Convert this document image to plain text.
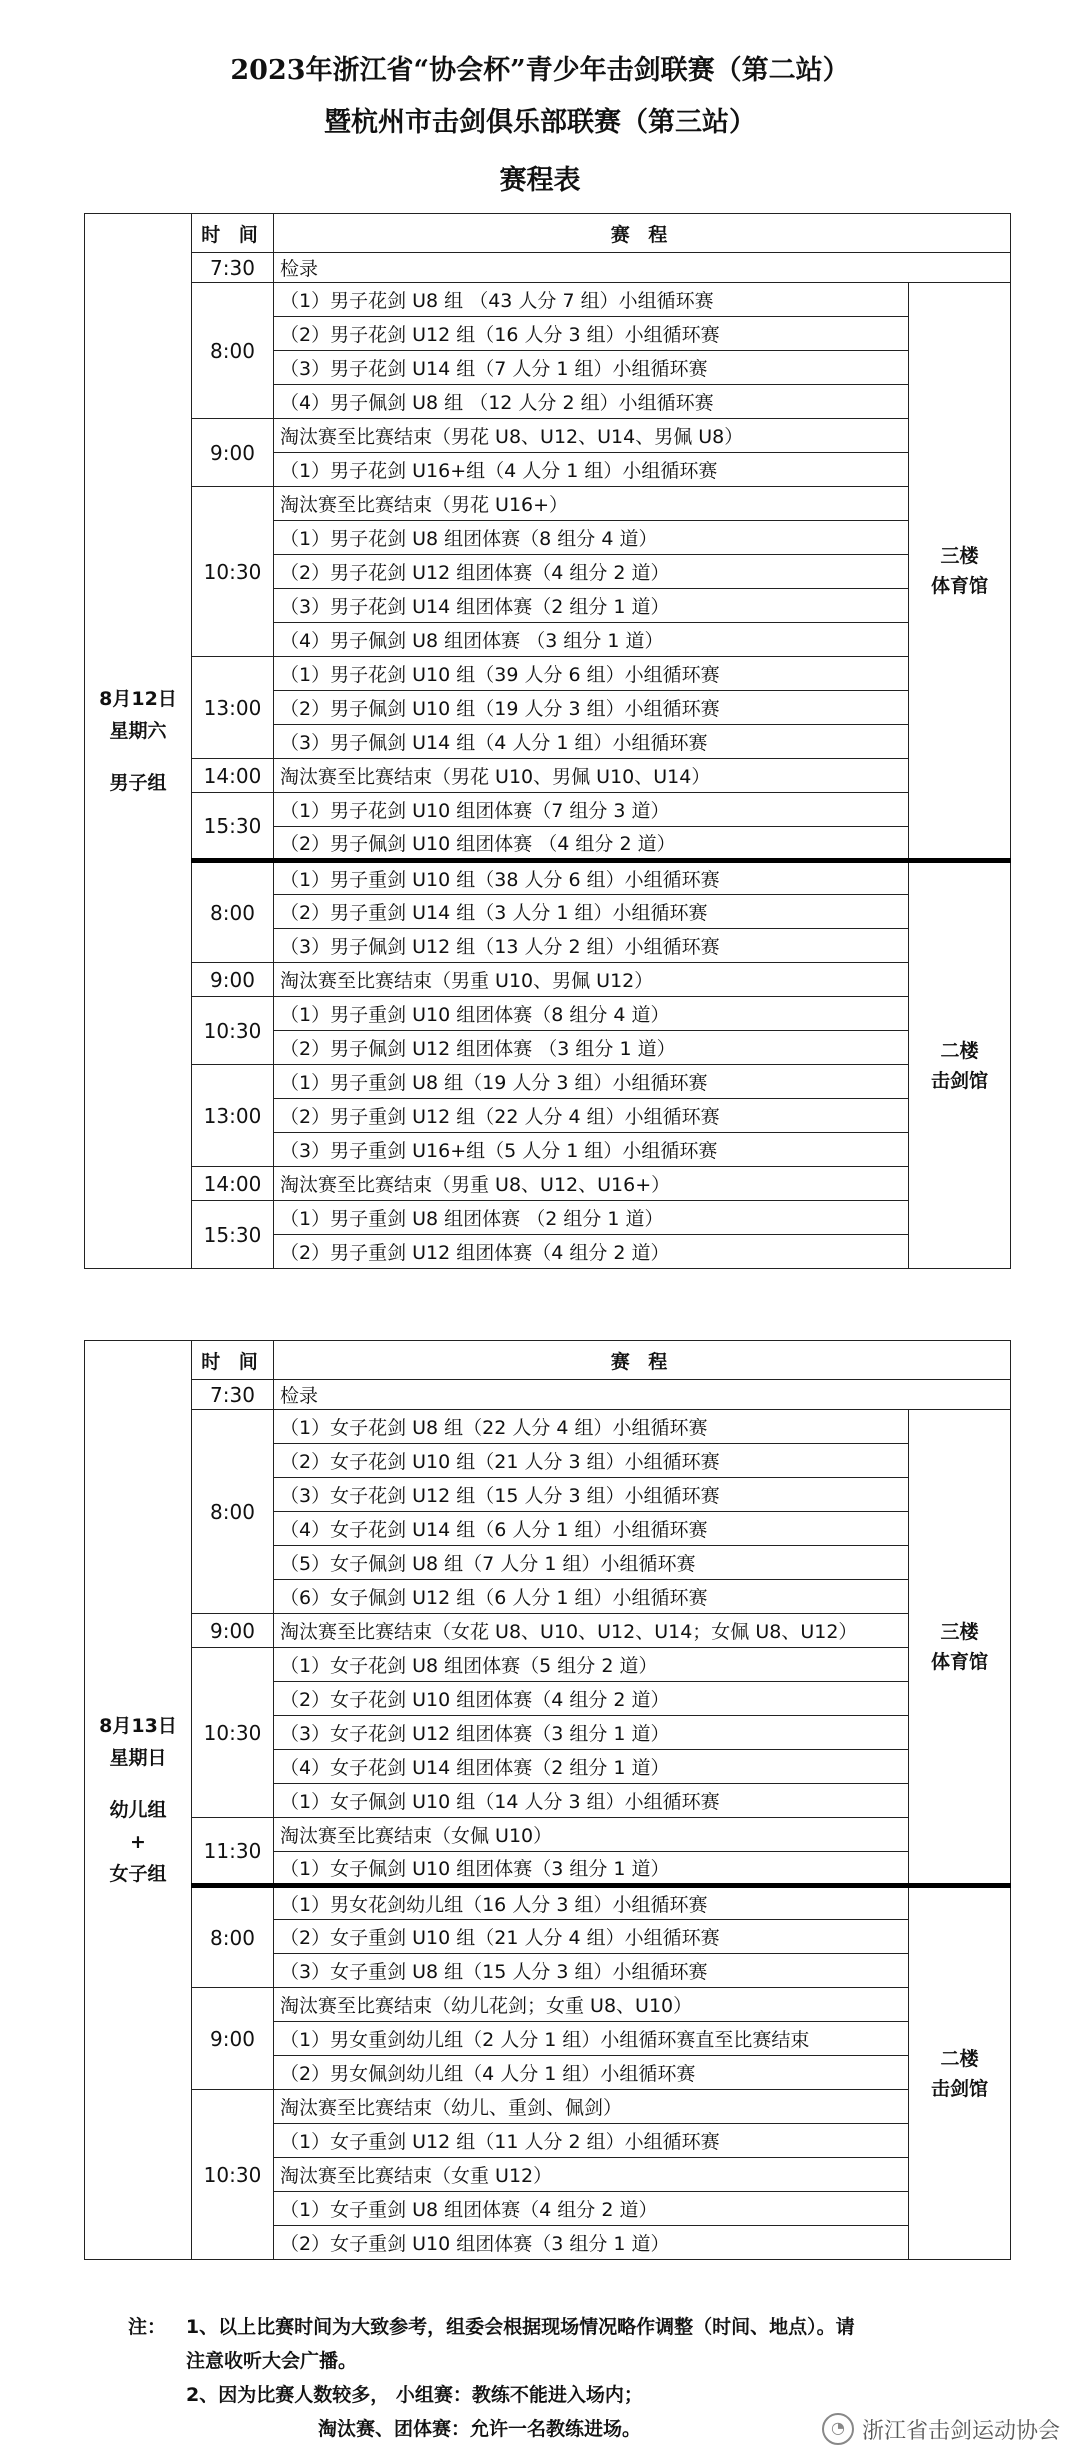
2023年浙江省“协会杯”青少年击剑联赛（第二站）
暨杭州市击剑俱乐部联赛（第三站）
赛程表
8月12日
星期六
男子组	时 间	赛 程	
	7:30	检录	
	8:00	（1）男子花剑 U8 组 （43 人分 7 组）小组循环赛	三楼
体育馆

		（2）男子花剑 U12 组（16 人分 3 组）小组循环赛	
		（3）男子花剑 U14 组（7 人分 1 组）小组循环赛	
		（4）男子佩剑 U8 组 （12 人分 2 组）小组循环赛	
	9:00	淘汰赛至比赛结束（男花 U8、U12、U14、男佩 U8）	
		（1）男子花剑 U16+组（4 人分 1 组）小组循环赛	
	10:30	淘汰赛至比赛结束（男花 U16+）	
		（1）男子花剑 U8 组团体赛（8 组分 4 道）	
		（2）男子花剑 U12 组团体赛（4 组分 2 道）	
		（3）男子花剑 U14 组团体赛（2 组分 1 道）	
		（4）男子佩剑 U8 组团体赛 （3 组分 1 道）	
	13:00	（1）男子花剑 U10 组（39 人分 6 组）小组循环赛	
		（2）男子佩剑 U10 组（19 人分 3 组）小组循环赛	
		（3）男子佩剑 U14 组（4 人分 1 组）小组循环赛	
	14:00	淘汰赛至比赛结束（男花 U10、男佩 U10、U14）	
	15:30	（1）男子花剑 U10 组团体赛（7 组分 3 道）	
		（2）男子佩剑 U10 组团体赛 （4 组分 2 道）	
	8:00	（1）男子重剑 U10 组（38 人分 6 组）小组循环赛	二楼
击剑馆

		（2）男子重剑 U14 组（3 人分 1 组）小组循环赛	
		（3）男子佩剑 U12 组（13 人分 2 组）小组循环赛	
	9:00	淘汰赛至比赛结束（男重 U10、男佩 U12）	
	10:30	（1）男子重剑 U10 组团体赛（8 组分 4 道）	
		（2）男子佩剑 U12 组团体赛 （3 组分 1 道）	
	13:00	（1）男子重剑 U8 组（19 人分 3 组）小组循环赛	
		（2）男子重剑 U12 组（22 人分 4 组）小组循环赛	
		（3）男子重剑 U16+组（5 人分 1 组）小组循环赛	
	14:00	淘汰赛至比赛结束（男重 U8、U12、U16+）	
	15:30	（1）男子重剑 U8 组团体赛 （2 组分 1 道）	
		（2）男子重剑 U12 组团体赛（4 组分 2 道）	
8月13日
星期日
幼儿组
+
女子组	时 间	赛 程	
	7:30	检录	
	8:00	（1）女子花剑 U8 组（22 人分 4 组）小组循环赛	三楼
体育馆

		（2）女子花剑 U10 组（21 人分 3 组）小组循环赛	
		（3）女子花剑 U12 组（15 人分 3 组）小组循环赛	
		（4）女子花剑 U14 组（6 人分 1 组）小组循环赛	
		（5）女子佩剑 U8 组（7 人分 1 组）小组循环赛	
		（6）女子佩剑 U12 组（6 人分 1 组）小组循环赛	
	9:00	淘汰赛至比赛结束（女花 U8、U10、U12、U14；女佩 U8、U12）	
	10:30	（1）女子花剑 U8 组团体赛（5 组分 2 道）	
		（2）女子花剑 U10 组团体赛（4 组分 2 道）	
		（3）女子花剑 U12 组团体赛（3 组分 1 道）	
		（4）女子花剑 U14 组团体赛（2 组分 1 道）	
		（1）女子佩剑 U10 组（14 人分 3 组）小组循环赛	
	11:30	淘汰赛至比赛结束（女佩 U10）	
		（1）女子佩剑 U10 组团体赛（3 组分 1 道）	
	8:00	（1）男女花剑幼儿组（16 人分 3 组）小组循环赛	二楼
击剑馆

		（2）女子重剑 U10 组（21 人分 4 组）小组循环赛	
		（3）女子重剑 U8 组（15 人分 3 组）小组循环赛	
	9:00	淘汰赛至比赛结束（幼儿花剑；女重 U8、U10）	
		（1）男女重剑幼儿组（2 人分 1 组）小组循环赛直至比赛结束	
		（2）男女佩剑幼儿组（4 人分 1 组）小组循环赛	
	10:30	淘汰赛至比赛结束（幼儿、重剑、佩剑）	
		（1）女子重剑 U12 组（11 人分 2 组）小组循环赛	
		淘汰赛至比赛结束（女重 U12）	
		（1）女子重剑 U8 组团体赛（4 组分 2 道）	
		（2）女子重剑 U10 组团体赛（3 组分 1 道）	
注： 1、以上比赛时间为大致参考，组委会根据现场情况略作调整（时间、地点）。请
注意收听大会广播。
2、因为比赛人数较多， 小组赛：教练不能进入场内；
淘汰赛、团体赛：允许一名教练进场。	◔ 浙江省击剑运动协会
